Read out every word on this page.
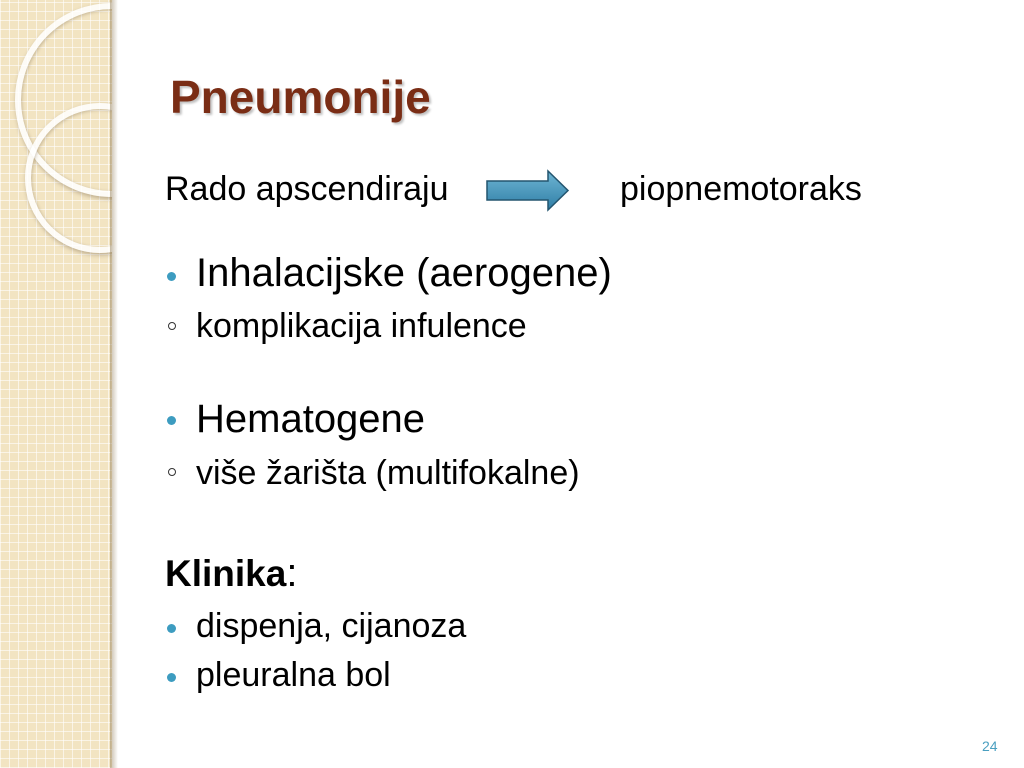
Pneumonije
Rado apscendiraju	piopnemotoraks
Inhalacijske (aerogene)
komplikacija infulence
Hematogene
više žarišta (multifokalne)
Klinika:
dispenja, cijanoza
pleuralna bol
24
